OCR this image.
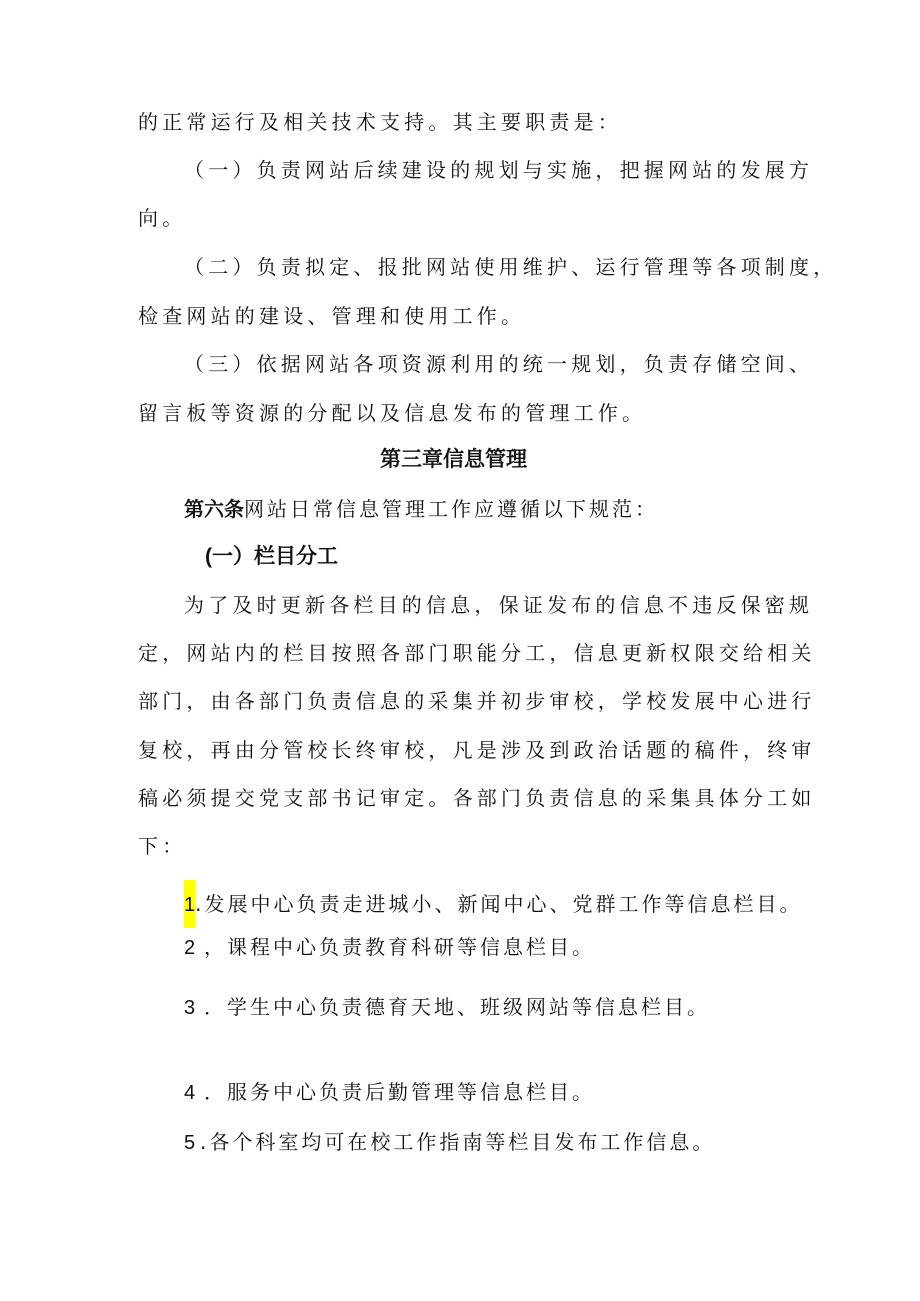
的正常运行及相关技术支持。其主要职责是：
（一）负责网站后续建设的规划与实施，把握网站的发展方
向。
（二）负责拟定、报批网站使用维护、运行管理等各项制度，
检查网站的建设、管理和使用工作。
（三）依据网站各项资源利用的统一规划，负责存储空间、
留言板等资源的分配以及信息发布的管理工作。
第三章信息管理
第六条网站日常信息管理工作应遵循以下规范：
(一）栏目分工
为了及时更新各栏目的信息，保证发布的信息不违反保密规
定，网站内的栏目按照各部门职能分工，信息更新权限交给相关
部门，由各部门负责信息的采集并初步审校，学校发展中心进行
复校，再由分管校长终审校，凡是涉及到政治话题的稿件，终审
稿必须提交党支部书记审定。各部门负责信息的采集具体分工如
下：
1.发展中心负责走进城小、新闻中心、党群工作等信息栏目。
2 ，课程中心负责教育科研等信息栏目。
3 ．学生中心负责德育天地、班级网站等信息栏目。
4 ．服务中心负责后勤管理等信息栏目。
5 .各个科室均可在校工作指南等栏目发布工作信息。
